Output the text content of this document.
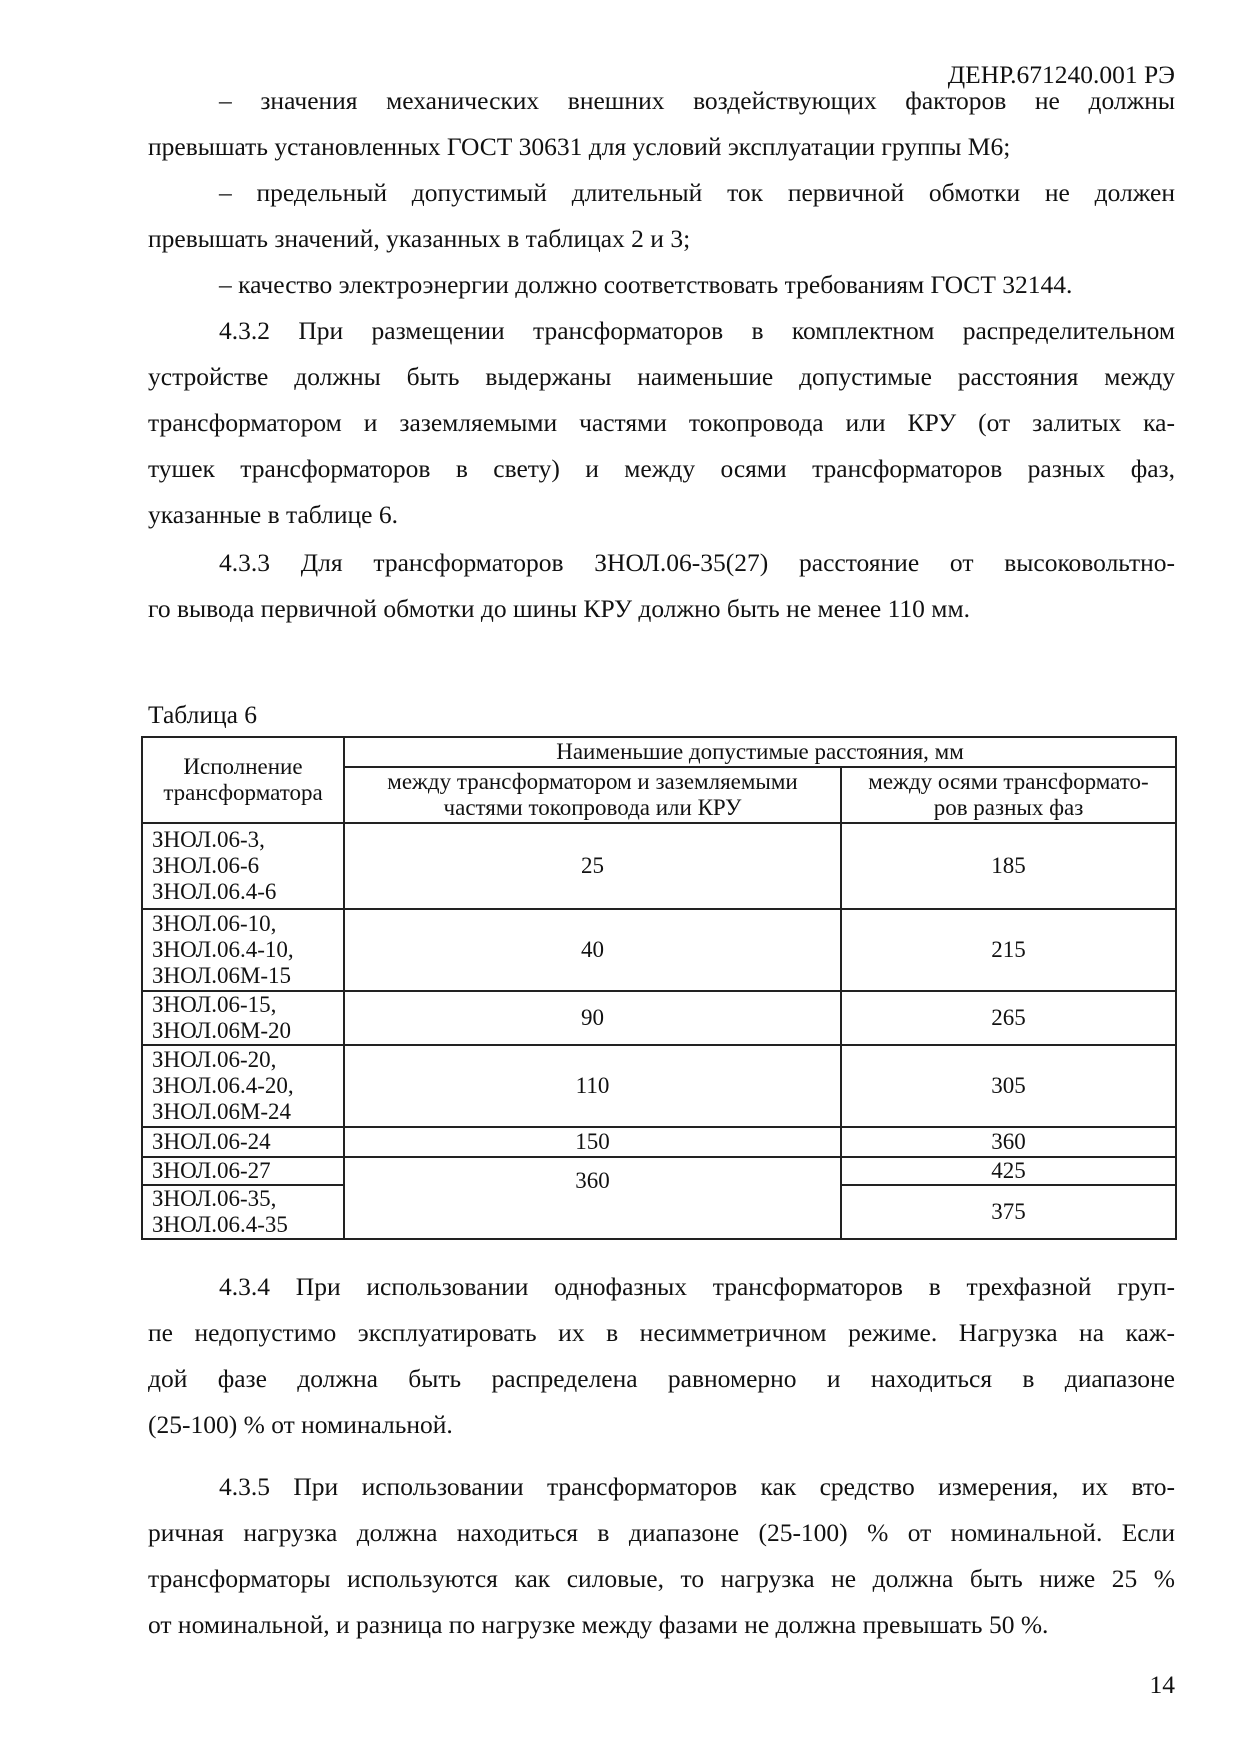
ДЕНР.671240.001 РЭ
– значения механических внешних воздействующих факторов не должны
превышать установленных ГОСТ 30631 для условий эксплуатации группы М6;
– предельный допустимый длительный ток первичной обмотки не должен
превышать значений, указанных в таблицах 2 и 3;
– качество электроэнергии должно соответствовать требованиям ГОСТ 32144.
4.3.2 При размещении трансформаторов в комплектном распределительном
устройстве должны быть выдержаны наименьшие допустимые расстояния между
трансформатором и заземляемыми частями токопровода или КРУ (от залитых ка-
тушек трансформаторов в свету) и между осями трансформаторов разных фаз,
указанные в таблице 6.
4.3.3 Для трансформаторов ЗНОЛ.06-35(27) расстояние от высоковольтно-
го вывода первичной обмотки до шины КРУ должно быть не менее 110 мм.
Таблица 6
Исполнение трансформатора	Наименьшие допустимые расстояния, мм	
	между трансформатором и заземляемыми частями токопровода или КРУ	между осями трансформато-
ров разных фаз

ЗНОЛ.06-3,
ЗНОЛ.06-6
ЗНОЛ.06.4-6	25	185

ЗНОЛ.06-10,
ЗНОЛ.06.4-10,
ЗНОЛ.06М-15	40	215

ЗНОЛ.06-15,
ЗНОЛ.06М-20	90	265

ЗНОЛ.06-20,
ЗНОЛ.06.4-20,
ЗНОЛ.06М-24	110	305

ЗНОЛ.06-24	150	360

ЗНОЛ.06-27	360	425

ЗНОЛ.06-35,
ЗНОЛ.06.4-35		375
4.3.4 При использовании однофазных трансформаторов в трехфазной груп-
пе недопустимо эксплуатировать их в несимметричном режиме. Нагрузка на каж-
дой фазе должна быть распределена равномерно и находиться в диапазоне
(25-100) % от номинальной.
4.3.5 При использовании трансформаторов как средство измерения, их вто-
ричная нагрузка должна находиться в диапазоне (25-100) % от номинальной. Если
трансформаторы используются как силовые, то нагрузка не должна быть ниже 25 %
от номинальной, и разница по нагрузке между фазами не должна превышать 50 %.
14
